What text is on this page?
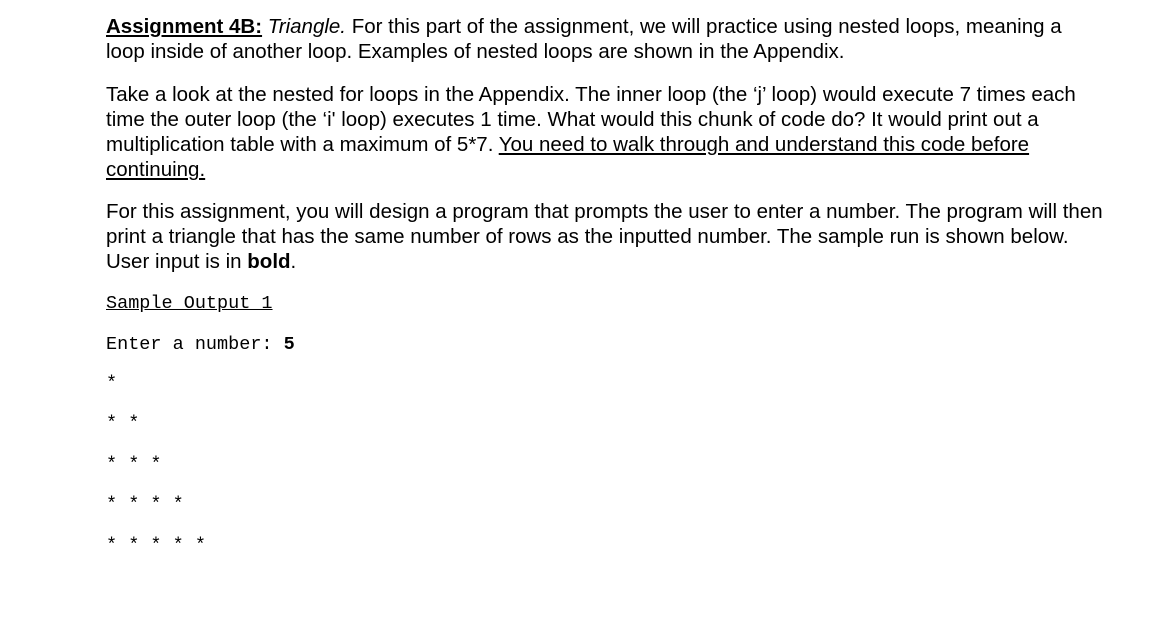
Assignment 4B: Triangle. For this part of the assignment, we will practice using nested loops, meaning a loop inside of another loop. Examples of nested loops are shown in the Appendix.

Take a look at the nested for loops in the Appendix. The inner loop (the ‘j’ loop) would execute 7 times each time the outer loop (the ‘i' loop) executes 1 time. What would this chunk of code do? It would print out a multiplication table with a maximum of 5*7. You need to walk through and understand this code before continuing.

For this assignment, you will design a program that prompts the user to enter a number. The program will then print a triangle that has the same number of rows as the inputted number. The sample run is shown below. User input is in bold.

Sample Output 1
Enter a number: 5
*
* *
* * *
* * * *
* * * * *
